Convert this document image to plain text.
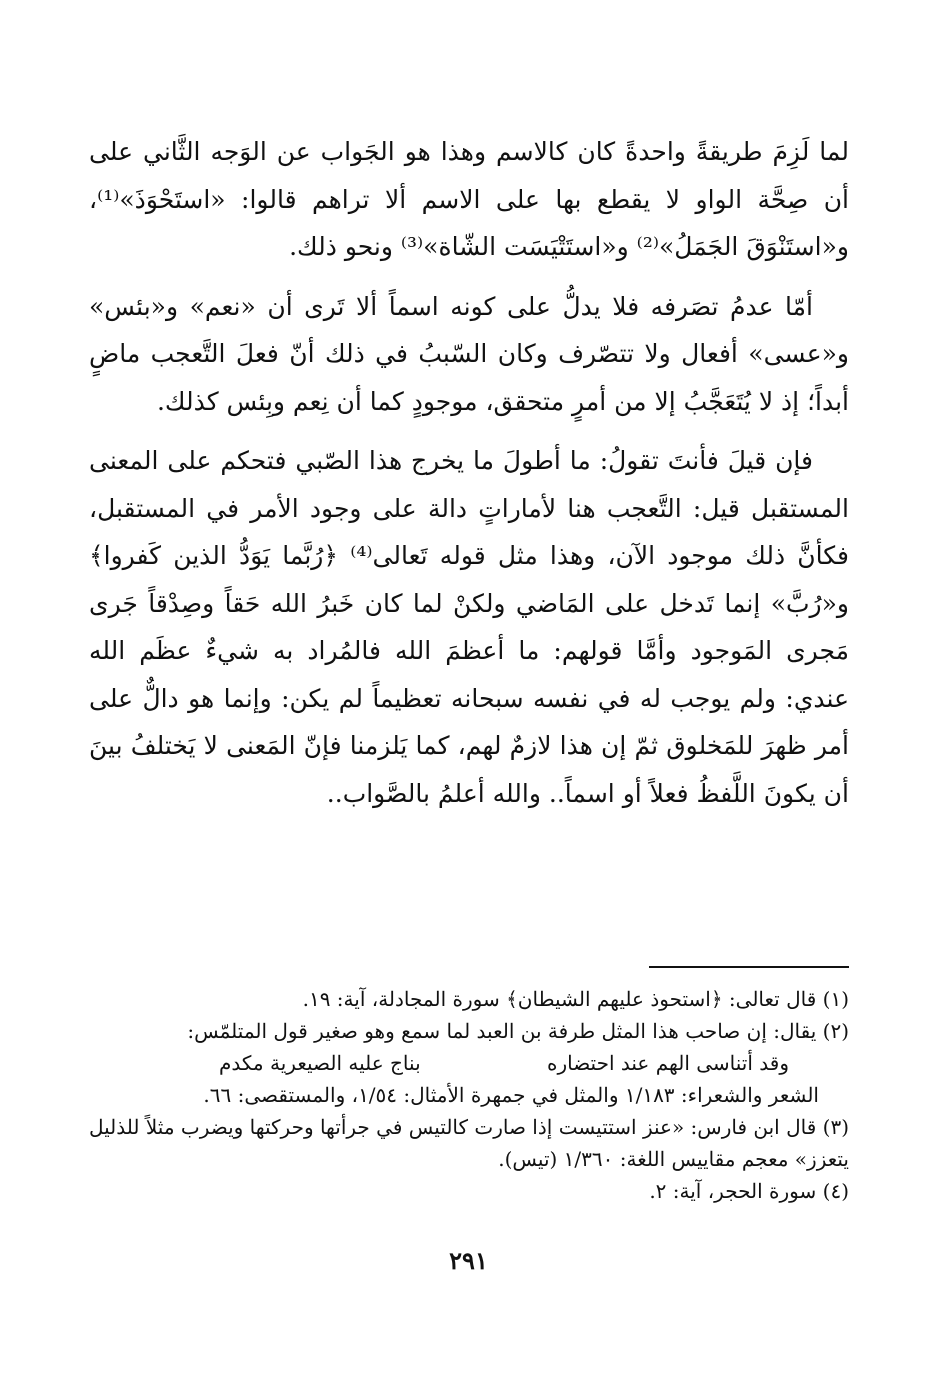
لما لَزِمَ طريقةً واحدةً كان كالاسم وهذا هو الجَواب عن الوَجه الثَّاني على أن صِحَّة الواو لا يقطع بها على الاسم ألا تراهم قالوا: «استَحْوَذَ»⁽¹⁾، و«استَنْوَقَ الجَمَلُ»⁽²⁾ و«استَتْيَسَت الشّاة»⁽³⁾ ونحو ذلك.

أمّا عدمُ تصَرفه فلا يدلُّ على كونه اسماً ألا تَرى أن «نعم» و«بئس» و«عسى» أفعال ولا تتصّرف وكان السّببُ في ذلك أنّ فعلَ التَّعجب ماضٍ أبداً؛ إذ لا يُتَعَجَّبُ إلا من أمرٍ متحقق، موجودٍ كما أن نِعم وبِئس كذلك.

فإن قيلَ فأنتَ تقولُ: ما أطولَ ما يخرج هذا الصّبي فتحكم على المعنى المستقبل قيل: التَّعجب هنا لأماراتٍ دالة على وجود الأمر في المستقبل، فكأنَّ ذلك موجود الآن، وهذا مثل قوله تَعالى⁽⁴⁾ ﴿رُبَّما يَوَدُّ الذين كَفروا﴾ و«رُبَّ» إنما تَدخل على المَاضي ولكنْ لما كان خَبرُ الله حَقاً وصِدْقاً جَرى مَجرى المَوجود وأمَّا قولهم: ما أعظمَ الله فالمُراد به شيءٌ عظَم الله عندي: ولم يوجب له في نفسه سبحانه تعظيماً لم يكن: وإنما هو دالٌّ على أمر ظهرَ للمَخلوق ثمّ إن هذا لازمٌ لهم، كما يَلزمنا فإنّ المَعنى لا يَختلفُ بينَ أن يكونَ اللَّفظُ فعلاً أو اسماً.. والله أعلمُ بالصَّواب..

(١) قال تعالى: ﴿استحوذ عليهم الشيطان﴾ سورة المجادلة، آية: ١٩.

(٢) يقال: إن صاحب هذا المثل طرفة بن العبد لما سمع وهو صغير قول المتلمّس:

وقد أتناسى الهم عند احتضاره
بناج عليه الصيعرية مكدم

الشعر والشعراء: ١/١٨٣ والمثل في جمهرة الأمثال: ١/٥٤، والمستقصى: ٦٦.

(٣) قال ابن فارس: «عنز استتيست إذا صارت كالتيس في جرأتها وحركتها ويضرب مثلاً للذليل يتعزز» معجم مقاييس اللغة: ١/٣٦٠ (تيس).

(٤) سورة الحجر، آية: ٢.

٢٩١
